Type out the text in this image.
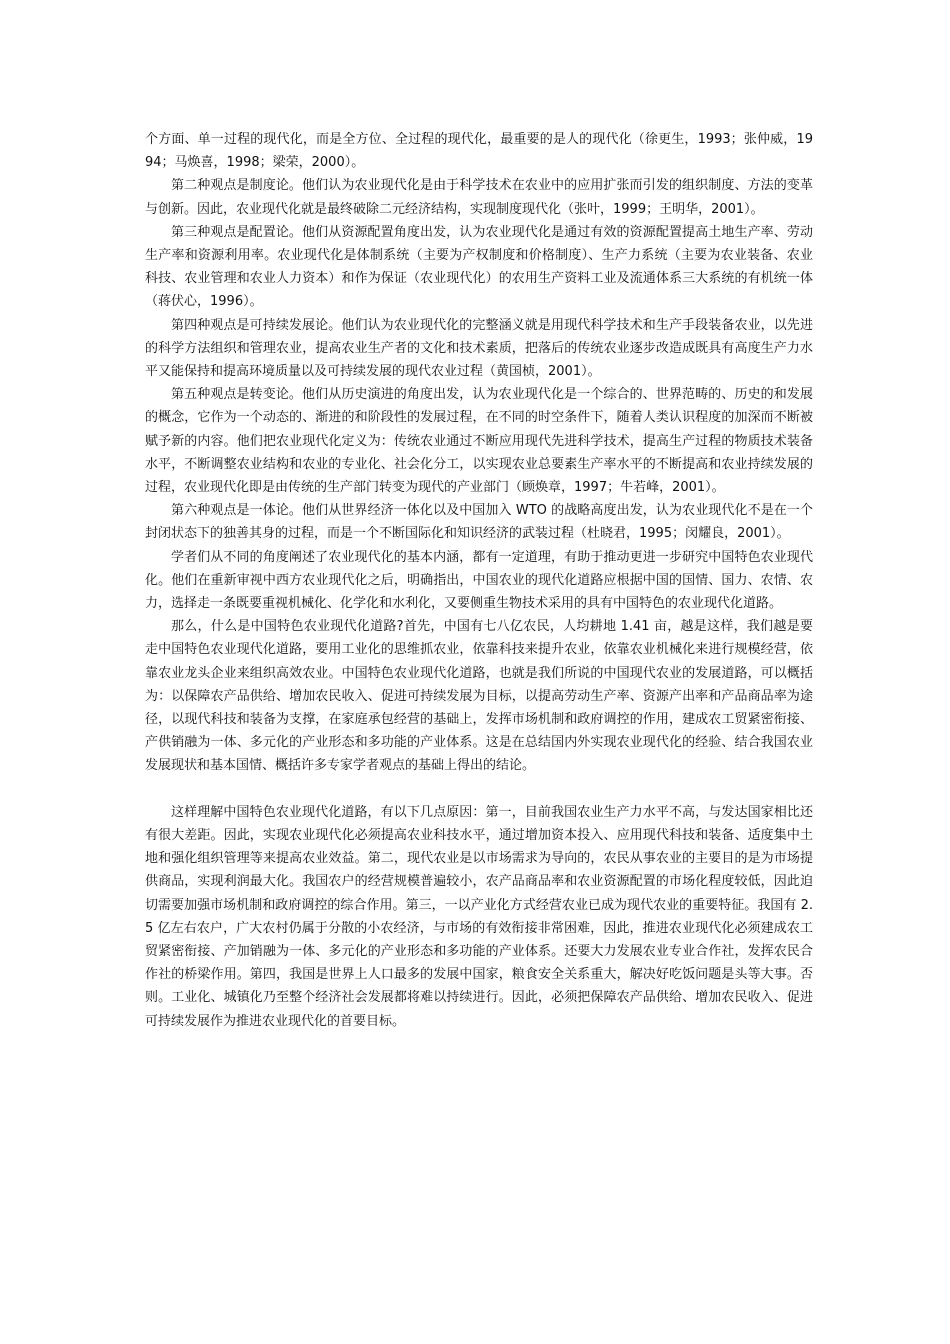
个方面、单一过程的现代化，而是全方位、全过程的现代化，最重要的是人的现代化（徐更生，1993；张仲威，1994；马焕喜，1998；梁荣，2000）。

第二种观点是制度论。他们认为农业现代化是由于科学技术在农业中的应用扩张而引发的组织制度、方法的变革与创新。因此，农业现代化就是最终破除二元经济结构，实现制度现代化（张叶，1999；王明华，2001）。

第三种观点是配置论。他们从资源配置角度出发，认为农业现代化是通过有效的资源配置提高土地生产率、劳动生产率和资源利用率。农业现代化是体制系统（主要为产权制度和价格制度）、生产力系统（主要为农业装备、农业科技、农业管理和农业人力资本）和作为保证（农业现代化）的农用生产资料工业及流通体系三大系统的有机统一体（蒋伏心，1996）。

第四种观点是可持续发展论。他们认为农业现代化的完整涵义就是用现代科学技术和生产手段装备农业，以先进的科学方法组织和管理农业，提高农业生产者的文化和技术素质，把落后的传统农业逐步改造成既具有高度生产力水平又能保持和提高环境质量以及可持续发展的现代农业过程（黄国桢，2001）。

第五种观点是转变论。他们从历史演进的角度出发，认为农业现代化是一个综合的、世界范畴的、历史的和发展的概念，它作为一个动态的、渐进的和阶段性的发展过程，在不同的时空条件下，随着人类认识程度的加深而不断被赋予新的内容。他们把农业现代化定义为：传统农业通过不断应用现代先进科学技术，提高生产过程的物质技术装备水平，不断调整农业结构和农业的专业化、社会化分工，以实现农业总要素生产率水平的不断提高和农业持续发展的过程，农业现代化即是由传统的生产部门转变为现代的产业部门（顾焕章，1997；牛若峰，2001）。

第六种观点是一体论。他们从世界经济一体化以及中国加入 WTO 的战略高度出发，认为农业现代化不是在一个封闭状态下的独善其身的过程，而是一个不断国际化和知识经济的武装过程（杜晓君，1995；闵耀良，2001）。

学者们从不同的角度阐述了农业现代化的基本内涵，都有一定道理，有助于推动更进一步研究中国特色农业现代化。他们在重新审视中西方农业现代化之后，明确指出，中国农业的现代化道路应根据中国的国情、国力、农情、农力，选择走一条既要重视机械化、化学化和水利化，又要侧重生物技术采用的具有中国特色的农业现代化道路。

那么，什么是中国特色农业现代化道路?首先，中国有七八亿农民，人均耕地 1.41 亩，越是这样，我们越是要走中国特色农业现代化道路，要用工业化的思维抓农业，依靠科技来提升农业，依靠农业机械化来进行规模经营，依靠农业龙头企业来组织高效农业。中国特色农业现代化道路，也就是我们所说的中国现代农业的发展道路，可以概括为：以保障农产品供给、增加农民收入、促进可持续发展为目标，以提高劳动生产率、资源产出率和产品商品率为途径，以现代科技和装备为支撑，在家庭承包经营的基础上，发挥市场机制和政府调控的作用，建成农工贸紧密衔接、产供销融为一体、多元化的产业形态和多功能的产业体系。这是在总结国内外实现农业现代化的经验、结合我国农业发展现状和基本国情、概括许多专家学者观点的基础上得出的结论。

这样理解中国特色农业现代化道路，有以下几点原因：第一，目前我国农业生产力水平不高，与发达国家相比还有很大差距。因此，实现农业现代化必须提高农业科技水平，通过增加资本投入、应用现代科技和装备、适度集中土地和强化组织管理等来提高农业效益。第二，现代农业是以市场需求为导向的，农民从事农业的主要目的是为市场提供商品，实现利润最大化。我国农户的经营规模普遍较小，农产品商品率和农业资源配置的市场化程度较低，因此迫切需要加强市场机制和政府调控的综合作用。第三，一以产业化方式经营农业已成为现代农业的重要特征。我国有 2.5 亿左右农户，广大农村仍属于分散的小农经济，与市场的有效衔接非常困难，因此，推进农业现代化必须建成农工贸紧密衔接、产加销融为一体、多元化的产业形态和多功能的产业体系。还要大力发展农业专业合作社，发挥农民合作社的桥梁作用。第四，我国是世界上人口最多的发展中国家，粮食安全关系重大，解决好吃饭问题是头等大事。否则。工业化、城镇化乃至整个经济社会发展都将难以持续进行。因此，必须把保障农产品供给、增加农民收入、促进可持续发展作为推进农业现代化的首要目标。
